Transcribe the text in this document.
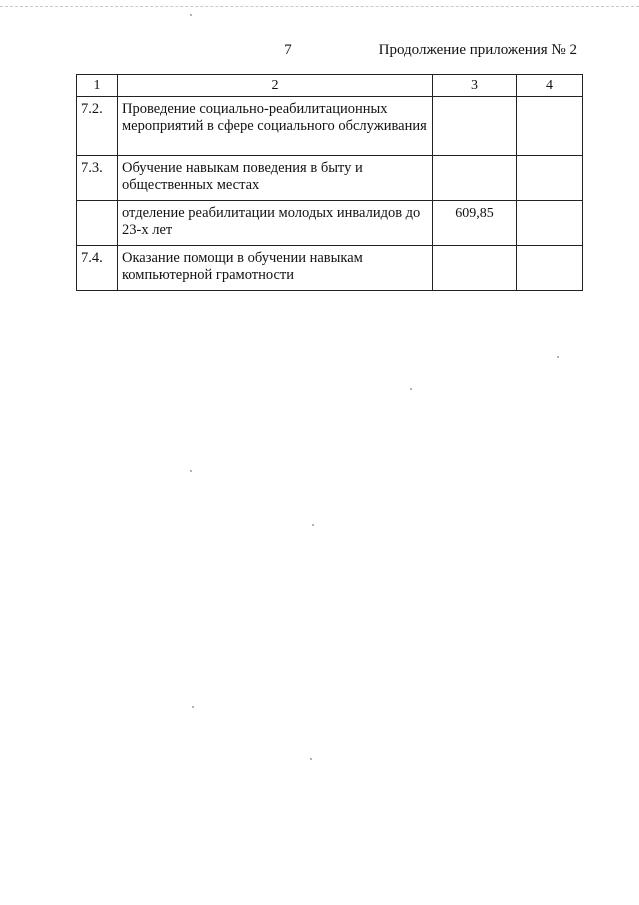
7	Продолжение приложения № 2
1	2	3	4
7.2.	Проведение социально-реабилитационных мероприятий в сфере социального обслуживания		
7.3.	Обучение навыкам поведения в быту и общественных местах		
	отделение реабилитации молодых инвалидов до 23-х лет	609,85	
7.4.	Оказание помощи в обучении навыкам компьютерной грамотности		
